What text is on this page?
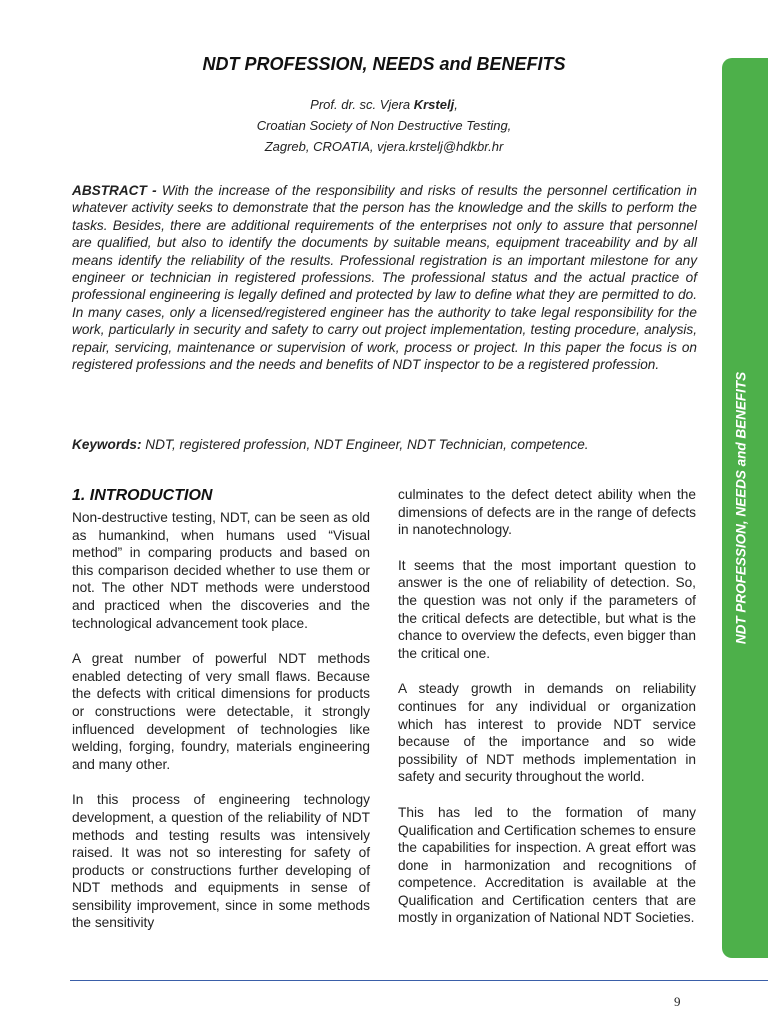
NDT PROFESSION, NEEDS and BENEFITS
Prof. dr. sc. Vjera Krstelj,
Croatian Society of Non Destructive Testing,
Zagreb, CROATIA, vjera.krstelj@hdkbr.hr
ABSTRACT - With the increase of the responsibility and risks of results the personnel certification in whatever activity seeks to demonstrate that the person has the knowledge and the skills to perform the tasks. Besides, there are additional requirements of the enterprises not only to assure that personnel are qualified, but also to identify the documents by suitable means, equipment traceability and by all means identify the reliability of the results. Professional registration is an important milestone for any engineer or technician in registered professions. The professional status and the actual practice of professional engineering is legally defined and protected by law to define what they are permitted to do. In many cases, only a licensed/registered engineer has the authority to take legal responsibility for the work, particularly in security and safety to carry out project implementation, testing procedure, analysis, repair, servicing, maintenance or supervision of work, process or project. In this paper the focus is on registered professions and the needs and benefits of NDT inspector to be a registered profession.
Keywords: NDT, registered profession, NDT Engineer, NDT Technician, competence.
1. INTRODUCTION

Non-destructive testing, NDT, can be seen as old as humankind, when humans used “Visual method” in comparing products and based on this comparison decided whether to use them or not. The other NDT methods were understood and practiced when the discoveries and the technological advancement took place.

A great number of powerful NDT methods enabled detecting of very small flaws. Because the defects with critical dimensions for products or constructions were detectable, it strongly influenced development of technologies like welding, forging, foundry, materials engineering and many other.

In this process of engineering technology development, a question of the reliability of NDT methods and testing results was intensively raised. It was not so interesting for safety of products or constructions further developing of NDT methods and equipments in sense of sensibility improvement, since in some methods the sensitivity

culminates to the defect detect ability when the dimensions of defects are in the range of defects in nanotechnology.

It seems that the most important question to answer is the one of reliability of detection. So, the question was not only if the parameters of the critical defects are detectible, but what is the chance to overview the defects, even bigger than the critical one.

A steady growth in demands on reliability continues for any individual or organization which has interest to provide NDT service because of the importance and so wide possibility of NDT methods implementation in safety and security throughout the world.

This has led to the formation of many Qualification and Certification schemes to ensure the capabilities for inspection. A great effort was done in harmonization and recognitions of competence. Accreditation is available at the Qualification and Certification centers that are mostly in organization of National NDT Societies.

NDT PROFESSION, NEEDS and BENEFITS
9
